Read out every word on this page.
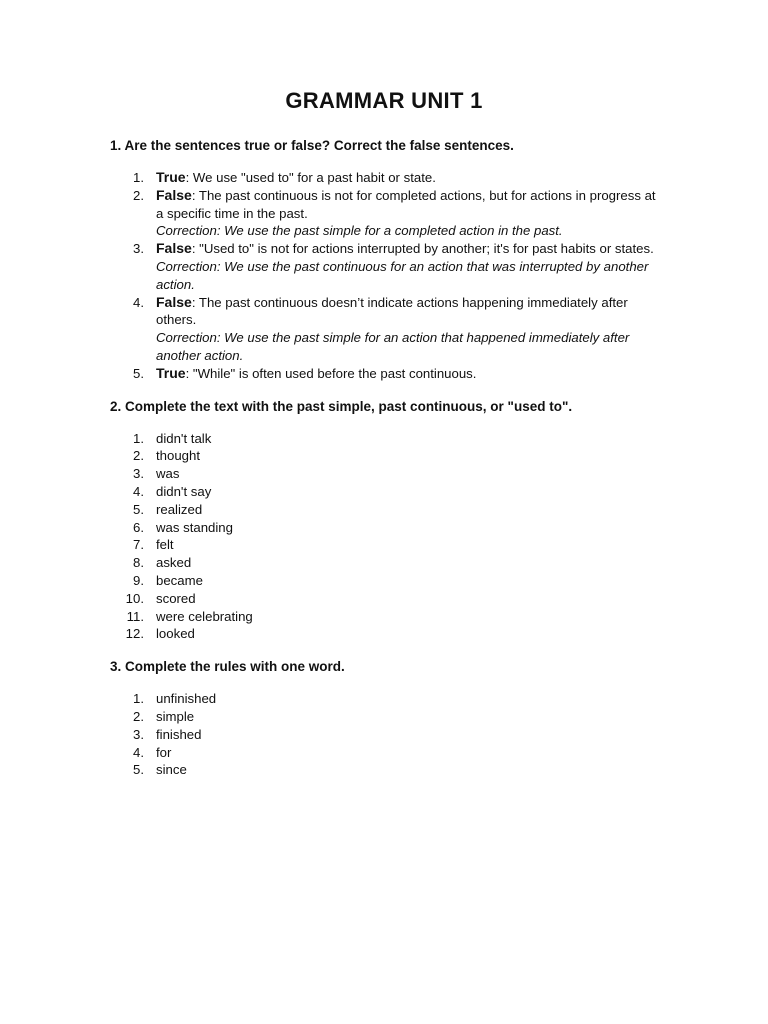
GRAMMAR UNIT 1

1. Are the sentences true or false? Correct the false sentences.

1. True: We use "used to" for a past habit or state.
2. False: The past continuous is not for completed actions, but for actions in progress at a specific time in the past.
Correction: We use the past simple for a completed action in the past.
3. False: "Used to" is not for actions interrupted by another; it's for past habits or states.
Correction: We use the past continuous for an action that was interrupted by another action.
4. False: The past continuous doesn’t indicate actions happening immediately after others.
Correction: We use the past simple for an action that happened immediately after another action.
5. True: "While" is often used before the past continuous.

2. Complete the text with the past simple, past continuous, or "used to".

1. didn't talk
2. thought
3. was
4. didn't say
5. realized
6. was standing
7. felt
8. asked
9. became
10. scored
11. were celebrating
12. looked

3. Complete the rules with one word.

1. unfinished
2. simple
3. finished
4. for
5. since
